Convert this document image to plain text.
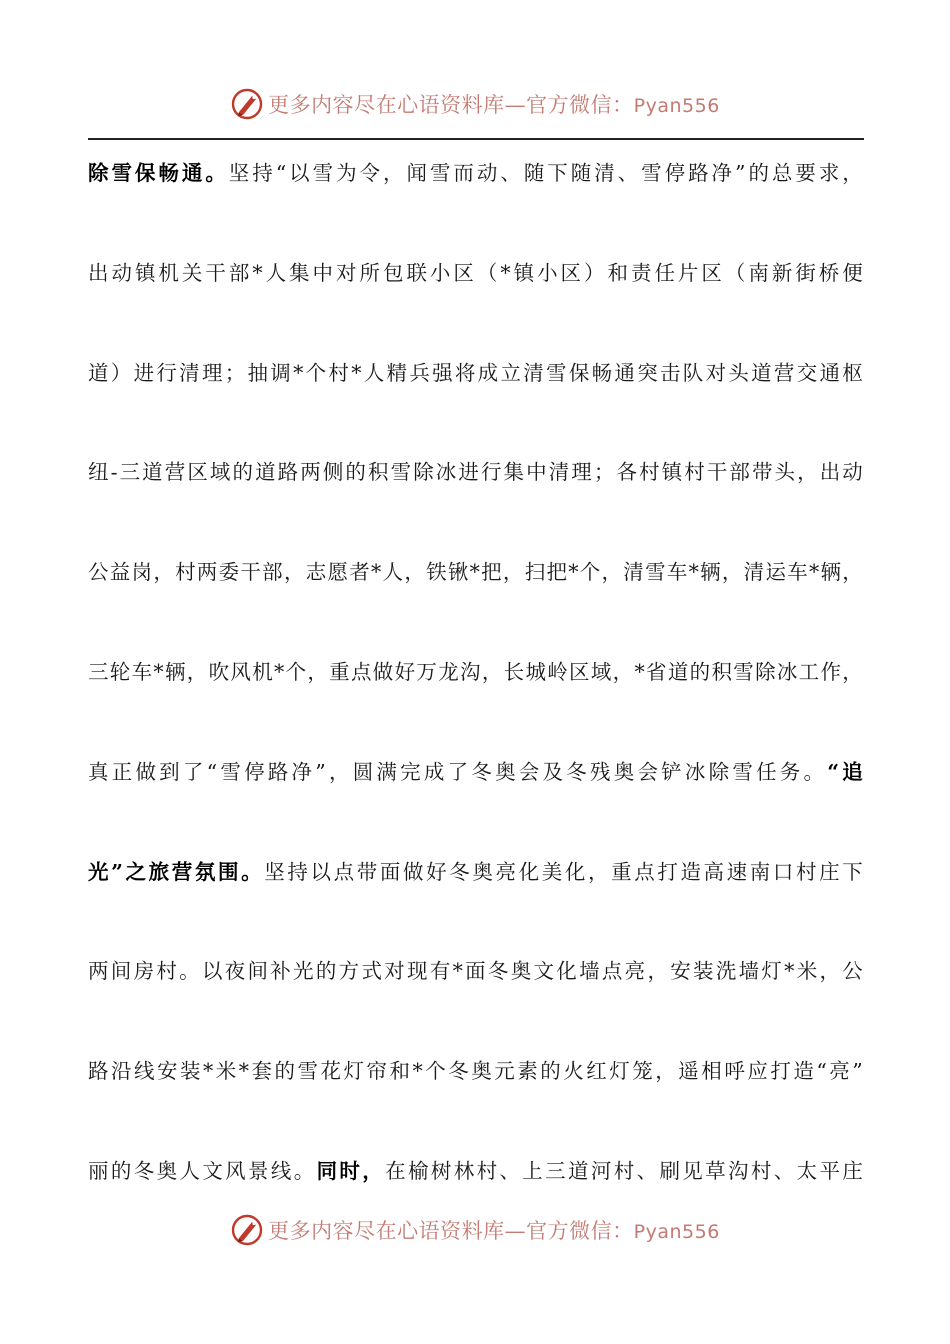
更多内容尽在心语资料库—官方微信：Pyan556
除雪保畅通。坚持“以雪为令，闻雪而动、随下随清、雪停路净”的总要求，
出动镇机关干部*人集中对所包联小区（*镇小区）和责任片区（南新街桥便
道）进行清理；抽调*个村*人精兵强将成立清雪保畅通突击队对头道营交通枢
纽-三道营区域的道路两侧的积雪除冰进行集中清理；各村镇村干部带头，出动
公益岗，村两委干部，志愿者*人，铁锹*把，扫把*个，清雪车*辆，清运车*辆，
三轮车*辆，吹风机*个，重点做好万龙沟，长城岭区域，*省道的积雪除冰工作，
真正做到了“雪停路净”，圆满完成了冬奥会及冬残奥会铲冰除雪任务。“追
光”之旅营氛围。坚持以点带面做好冬奥亮化美化，重点打造高速南口村庄下
两间房村。以夜间补光的方式对现有*面冬奥文化墙点亮，安装洗墙灯*米，公
路沿线安装*米*套的雪花灯帘和*个冬奥元素的火红灯笼，遥相呼应打造“亮”
丽的冬奥人文风景线。同时，在榆树林村、上三道河村、刷见草沟村、太平庄
更多内容尽在心语资料库—官方微信：Pyan556
